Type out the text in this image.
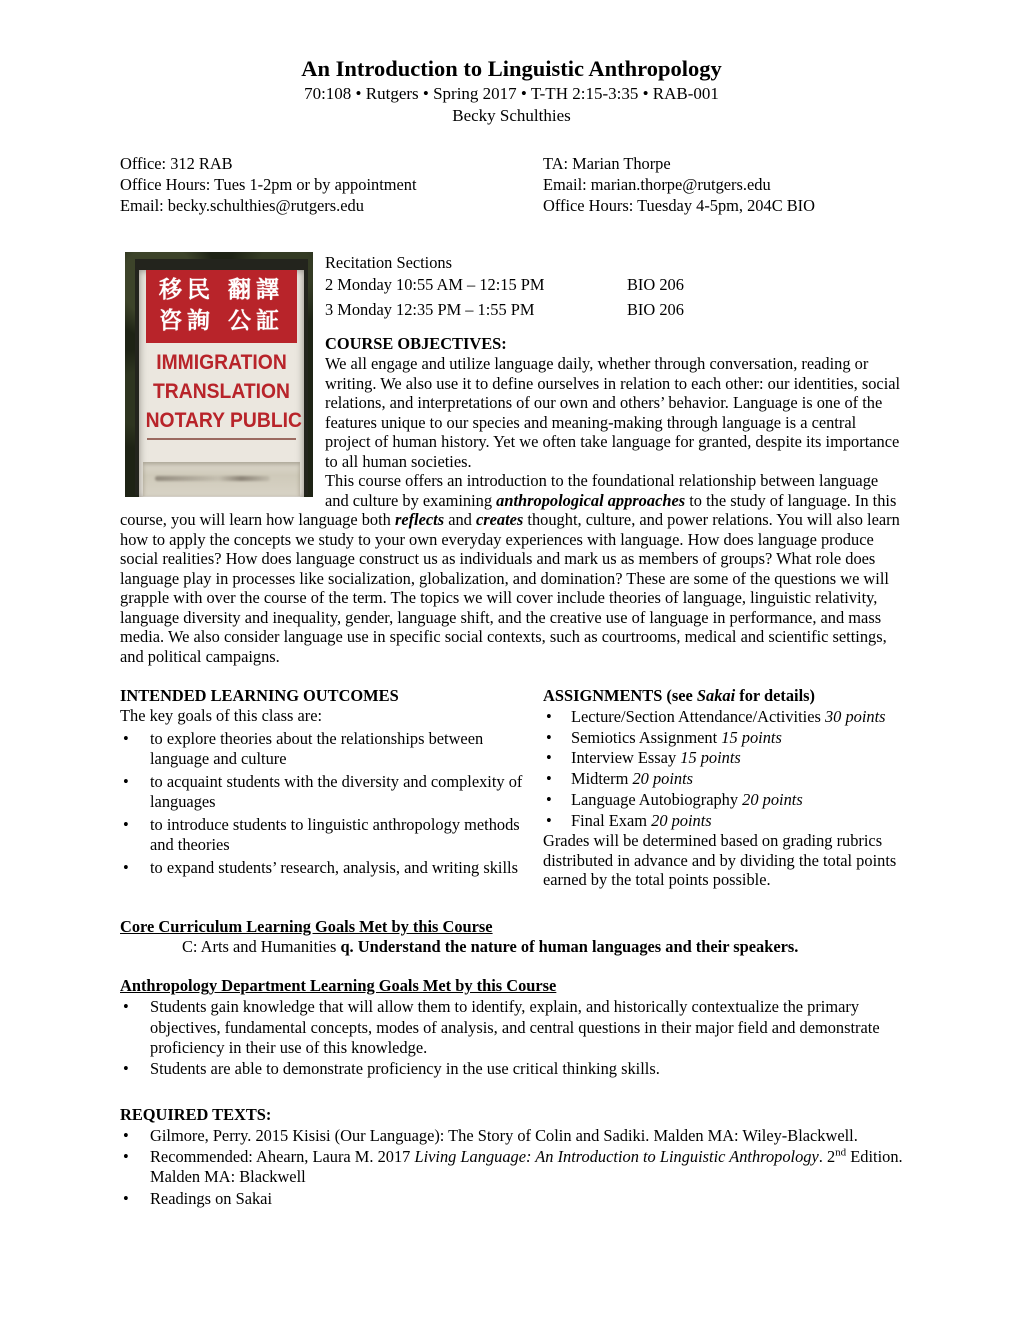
An Introduction to Linguistic Anthropology
70:108 • Rutgers • Spring 2017 • T-TH 2:15-3:35 • RAB-001
Becky Schulthies
Office: 312 RAB
Office Hours: Tues 1-2pm or by appointment
Email: becky.schulthies@rutgers.edu
TA: Marian Thorpe
Email: marian.thorpe@rutgers.edu
Office Hours: Tuesday 4-5pm, 204C BIO
移民 翻譯
咨詢 公証
IMMIGRATION
TRANSLATION
NOTARY PUBLIC
Recitation Sections
2 Monday 10:55 AM – 12:15 PM	BIO 206
3 Monday 12:35 PM – 1:55 PM	BIO 206
COURSE OBJECTIVES:

We all engage and utilize language daily, whether through conversation, reading or writing. We also use it to define ourselves in relation to each other: our identities, social relations, and interpretations of our own and others’ behavior. Language is one of the features unique to our species and meaning-making through language is a central project of human history. Yet we often take language for granted, despite its importance to all human societies.

This course offers an introduction to the foundational relationship between language and culture by examining anthropological approaches to the study of language. In this course, you will learn how language both reflects and creates thought, culture, and power relations. You will also learn how to apply the concepts we study to your own everyday experiences with language. How does language produce social realities? How does language construct us as individuals and mark us as members of groups? What role does language play in processes like socialization, globalization, and domination? These are some of the questions we will grapple with over the course of the term. The topics we will cover include theories of language, linguistic relativity, language diversity and inequality, gender, language shift, and the creative use of language in performance, and mass media. We also consider language use in specific social contexts, such as courtrooms, medical and scientific settings, and political campaigns.

INTENDED LEARNING OUTCOMES
The key goals of this class are:
•	to explore theories about the relationships between language and culture
•	to acquaint students with the diversity and complexity of languages
•	to introduce students to linguistic anthropology methods and theories
•	to expand students’ research, analysis, and writing skills
ASSIGNMENTS (see Sakai for details)
•	Lecture/Section Attendance/Activities 30 points
•	Semiotics Assignment 15 points
•	Interview Essay 15 points
•	Midterm 20 points
•	Language Autobiography 20 points
•	Final Exam 20 points
Grades will be determined based on grading rubrics distributed in advance and by dividing the total points earned by the total points possible.
Core Curriculum Learning Goals Met by this Course
C: Arts and Humanities q. Understand the nature of human languages and their speakers.
Anthropology Department Learning Goals Met by this Course
•	Students gain knowledge that will allow them to identify, explain, and historically contextualize the primary objectives, fundamental concepts, modes of analysis, and central questions in their major field and demonstrate proficiency in their use of this knowledge.
•	Students are able to demonstrate proficiency in the use critical thinking skills.
REQUIRED TEXTS:
•	Gilmore, Perry. 2015 Kisisi (Our Language): The Story of Colin and Sadiki. Malden MA: Wiley-Blackwell.
•	Recommended: Ahearn, Laura M. 2017 Living Language: An Introduction to Linguistic Anthropology. 2nd Edition. Malden MA: Blackwell
•	Readings on Sakai
